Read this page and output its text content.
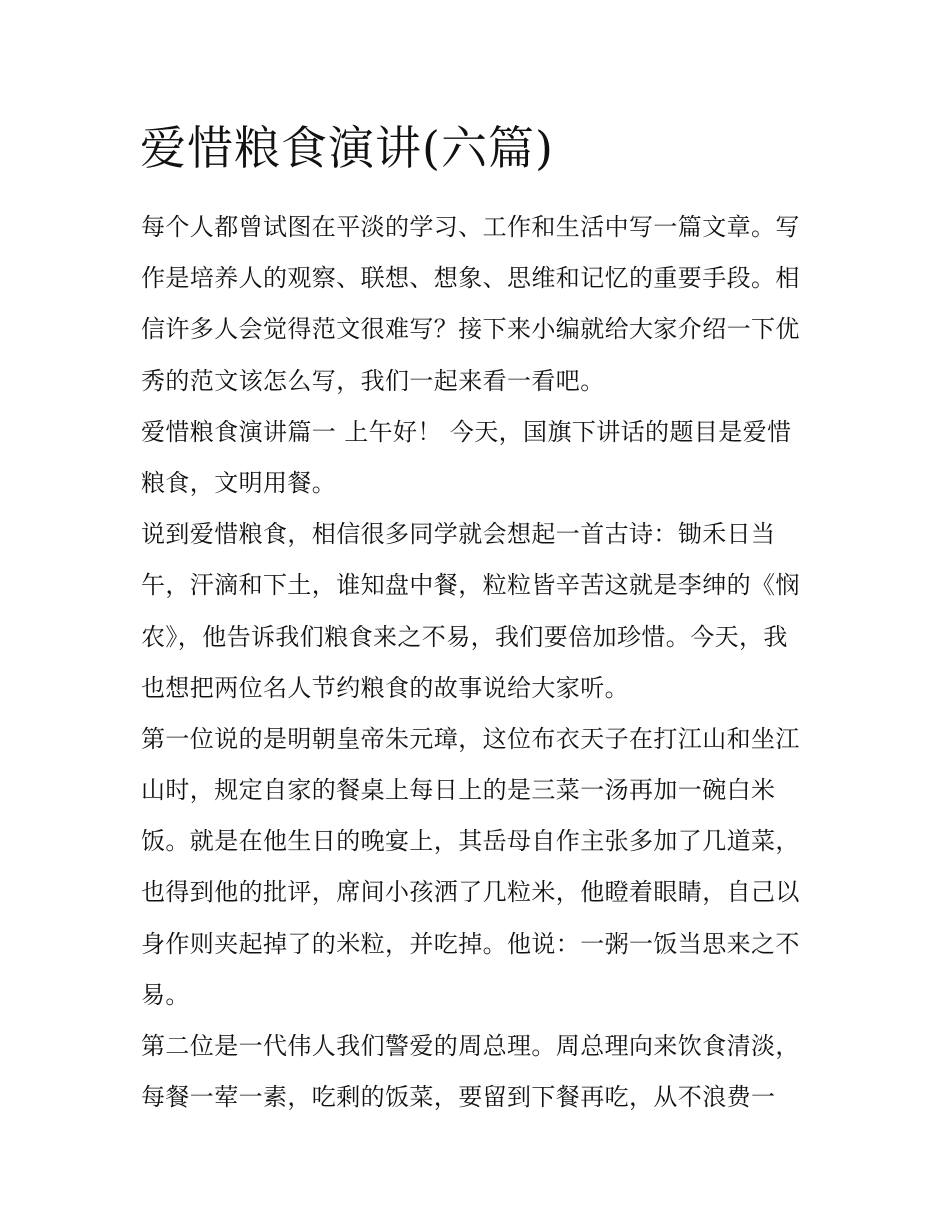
爱惜粮食演讲(六篇)
每个人都曾试图在平淡的学习、工作和生活中写一篇文章。写
作是培养人的观察、联想、想象、思维和记忆的重要手段。相
信许多人会觉得范文很难写？接下来小编就给大家介绍一下优
秀的范文该怎么写，我们一起来看一看吧。
爱惜粮食演讲篇一 上午好！ 今天，国旗下讲话的题目是爱惜
粮食，文明用餐。
说到爱惜粮食，相信很多同学就会想起一首古诗：锄禾日当
午，汗滴和下土，谁知盘中餐，粒粒皆辛苦这就是李绅的《悯
农》，他告诉我们粮食来之不易，我们要倍加珍惜。今天，我
也想把两位名人节约粮食的故事说给大家听。
第一位说的是明朝皇帝朱元璋，这位布衣天子在打江山和坐江
山时，规定自家的餐桌上每日上的是三菜一汤再加一碗白米
饭。就是在他生日的晚宴上，其岳母自作主张多加了几道菜，
也得到他的批评，席间小孩洒了几粒米，他瞪着眼睛，自己以
身作则夹起掉了的米粒，并吃掉。他说：一粥一饭当思来之不
易。
第二位是一代伟人我们警爱的周总理。周总理向来饮食清淡，
每餐一荤一素，吃剩的饭菜，要留到下餐再吃，从不浪费一
